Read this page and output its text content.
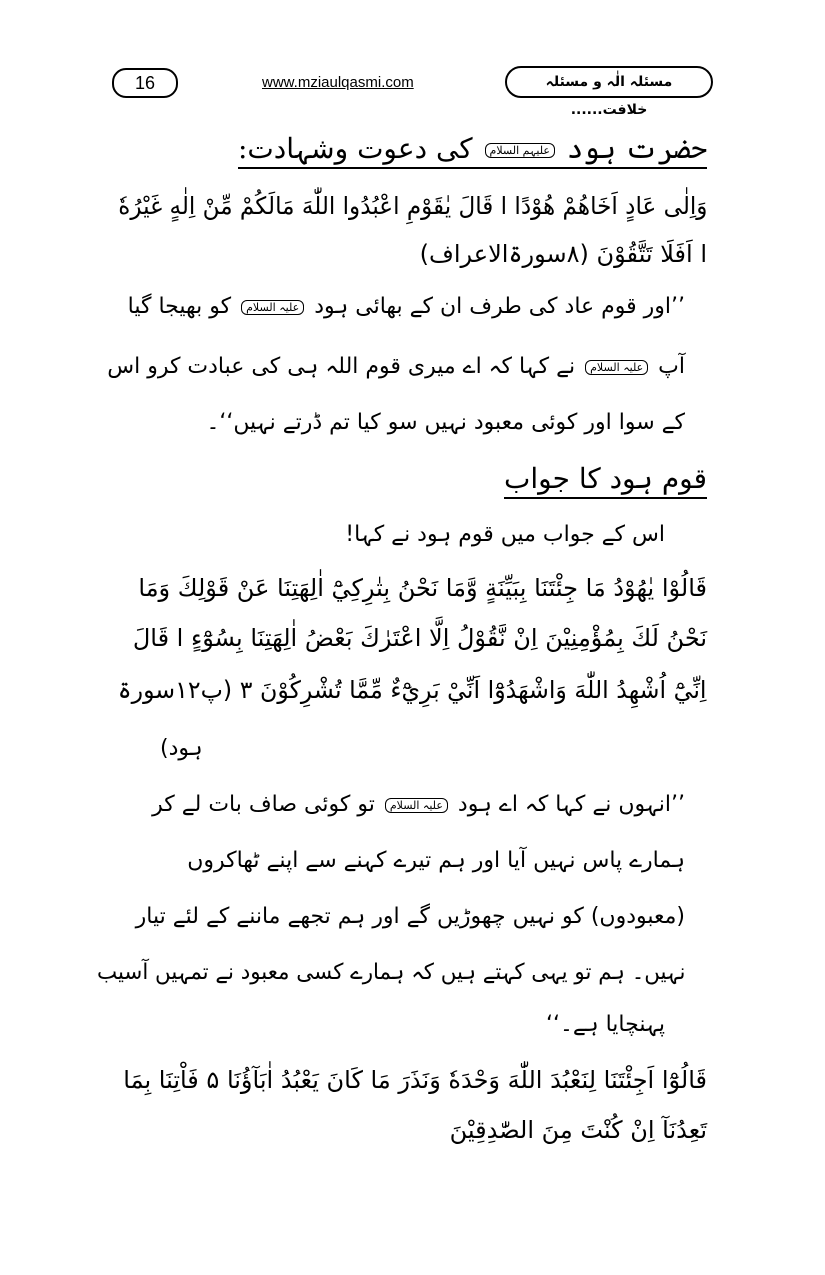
16	www.mziaulqasmi.com	مسئلہ الٰہ و مسئلہ خلافت......
حضرت ہود علیہم السلام کی دعوت وشہادت:
وَاِلٰی عَادٍ اَخَاهُمْ هُوْدًا ا قَالَ يٰقَوْمِ اعْبُدُوا اللّٰهَ مَالَكُمْ مِّنْ اِلٰهٍ غَيْرُهٗ
ا اَفَلَا تَتَّقُوْنَ (۸سورۃالاعراف)
’’اور قوم عاد کی طرف ان کے بھائی ہود علیہ السلام کو بھیجا گیا
آپ علیہ السلام نے کہا کہ اے میری قوم اللہ ہی کی عبادت کرو اس
کے سوا اور کوئی معبود نہیں سو کیا تم ڈرتے نہیں‘‘۔
قوم ہود کا جواب
اس کے جواب میں قوم ہود نے کہا!
قَالُوْا يٰهُوْدُ مَا جِئْتَنَا بِبَيِّنَةٍ وَّمَا نَحْنُ بِتٰرِكِيْٓ اٰلِهَتِنَا عَنْ قَوْلِكَ وَمَا
نَحْنُ لَكَ بِمُؤْمِنِيْنَ اِنْ نَّقُوْلُ اِلَّا اعْتَرٰكَ بَعْضُ اٰلِهَتِنَا بِسُوْٓءٍ ا قَالَ
اِنِّيْٓ اُشْهِدُ اللّٰهَ وَاشْهَدُوْٓا اَنِّيْ بَرِيْٓءٌ مِّمَّا تُشْرِكُوْنَ ۳ (پ۱۲سورۃ
ہود)
’’انہوں نے کہا کہ اے ہود علیہ السلام تو کوئی صاف بات لے کر
ہمارے پاس نہیں آیا اور ہم تیرے کہنے سے اپنے ٹھاکروں
(معبودوں) کو نہیں چھوڑیں گے اور ہم تجھے ماننے کے لئے تیار
نہیں۔ ہم تو یہی کہتے ہیں کہ ہمارے کسی معبود نے تمہیں آسیب
پہنچایا ہے۔‘‘
قَالُوْٓا اَجِئْتَنَا لِنَعْبُدَ اللّٰهَ وَحْدَهٗ وَنَذَرَ مَا كَانَ يَعْبُدُ اٰبَآؤُنَا ۵ فَاْتِنَا بِمَا
تَعِدُنَآ اِنْ كُنْتَ مِنَ الصّٰدِقِيْنَ
